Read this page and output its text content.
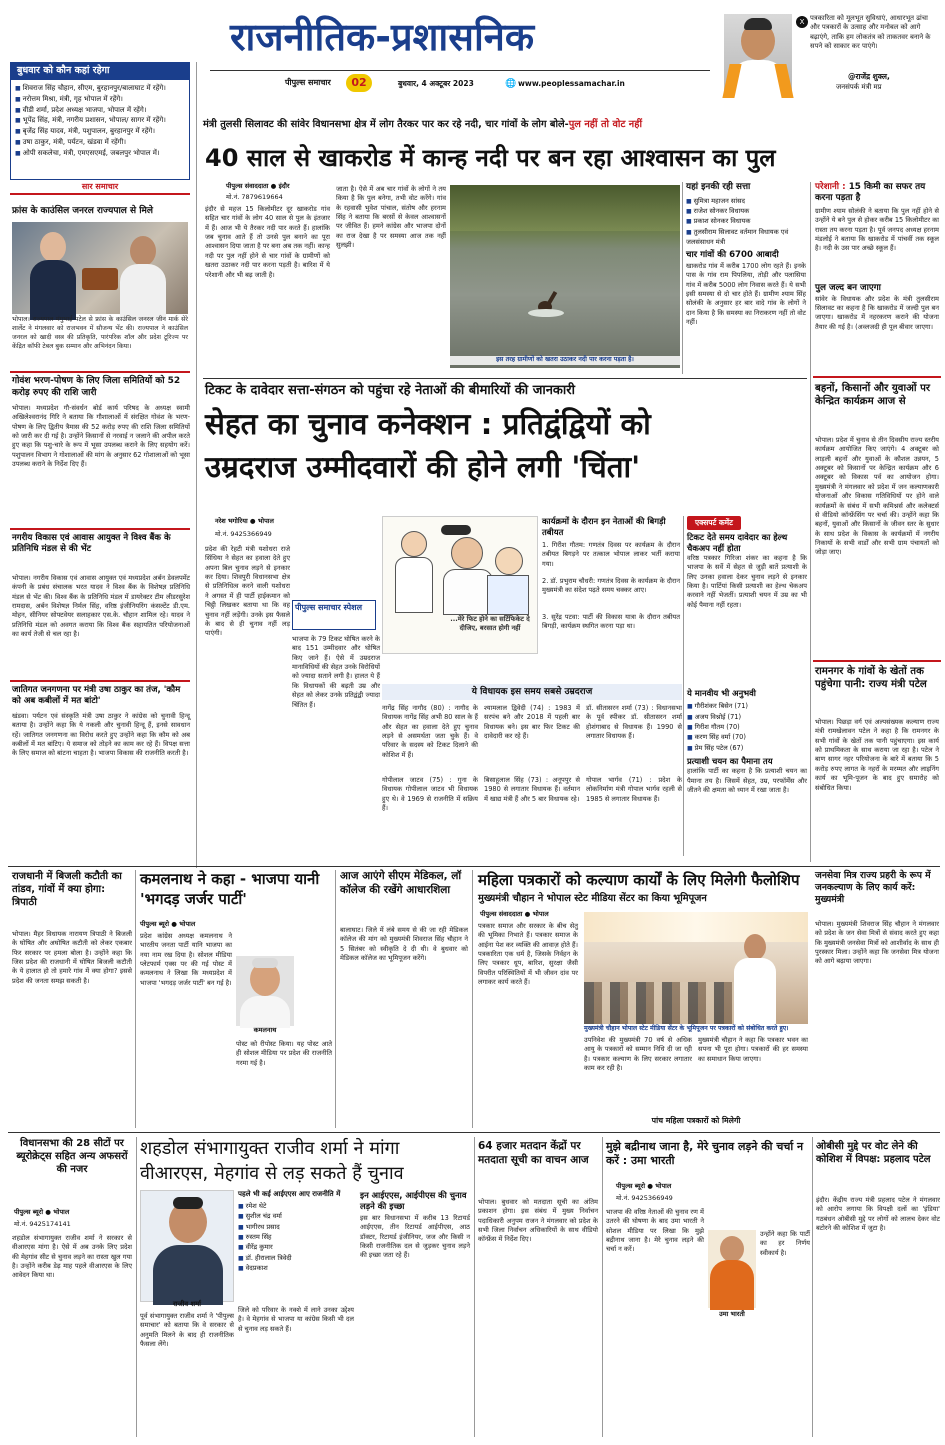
राजनीतिक-प्रशासनिक
पीपुल्स समाचार	02	बुधवार, 4 अक्टूबर 2023	🌐 www.peoplessamachar.in
X पत्रकारिता को मूलभूत सुविधाएं, आधारभूत ढांचा और पत्रकारों के उत्साह और मनोबल को आगे बढ़ाएंगे, ताकि हम लोकतंत्र को ताकतवर बनाने के सपने को साकार कर पाएंगे।
@राजेंद्र शुक्ल,
जनसंपर्क मंत्री मप्र
बुधवार को कौन कहां रहेगा
■ शिवराज सिंह चौहान, सीएम, बुरहानपुर/बालाघाट में रहेंगे।
■ नरोत्तम मिश्रा, मंत्री, गृह भोपाल में रहेंगे।
■ वीडी शर्मा, प्रदेश अध्यक्ष भाजपा, भोपाल में रहेंगे।
■ भूपेंद्र सिंह, मंत्री, नगरीय प्रशासन, भोपाल/ सागर में रहेंगे।
■ बृजेंद्र सिंह यादव, मंत्री, पशुपालन, बुरहानपुर में रहेंगे।
■ उषा ठाकुर, मंत्री, पर्यटन, खंडवा में रहेंगी।
■ ओपी सकलेचा, मंत्री, एमएसएमई, जबलपुर भोपाल में।
सार समाचार
फ्रांस के काउंसिल जनरल राज्यपाल से मिले
भोपाल। राज्यपाल मंगुभाई पटेल से फ्रांस के काउंसिल जनरल जीन मार्क सेरे शार्लेट ने मंगलवार को राजभवन में सौजन्य भेंट की। राज्यपाल ने काउंसिल जनरल को खादी वस्त्र की प्रतिकृति, पारंपरिक शॉल और प्रदेश टूरिज्म पर केंद्रित कॉफी टेबल बुक सम्मान और अभिनंदन किया।
गोवंश भरण-पोषण के लिए जिला समितियों को 52 करोड़ रुपए की राशि जारी
भोपाल। मध्यप्रदेश गौ-संवर्धन बोर्ड कार्य परिषद के अध्यक्ष स्वामी अखिलेश्वरानंद गिरि ने बताया कि गौशालाओं में संरक्षित गोवंश के भरण-पोषण के लिए द्वितीय त्रैमास की 52 करोड़ रुपए की राशि जिला समितियों को जारी कर दी गई है। उन्होंने किसानों से नरवाई न जलाने की अपील करते हुए कहा कि पशु-चारे के रूप में भूसा उपलब्ध कराने के लिए सहयोग करें। पशुपालन विभाग ने गोशालाओं की मांग के अनुसार 62 गोशालाओं को भूसा उपलब्ध कराने के निर्देश दिए हैं।
नगरीय विकास एवं आवास आयुक्त ने विश्व बैंक के प्रतिनिधि मंडल से की भेंट
भोपाल। नगरीय विकास एवं आवास आयुक्त एवं मध्यप्रदेश अर्बन डेवलपमेंट कंपनी के प्रबंध संचालक भरत यादव ने विश्व बैंक के विशेषज्ञ प्रतिनिधि मंडल से भेंट की। विश्व बैंक के प्रतिनिधि मंडल में डायरेक्टर टीम लीडरसुरेश रामदास, अर्बन विशेषज्ञ निर्मल सिंह, वरिष्ठ इंजीनियरिंग कंसल्टेंट डी.एम. मोहन, सीनियर सोफ्टवेयर सलाहकार एस.के. चौहान शामिल रहे। यादव ने प्रतिनिधि मंडल को अवगत कराया कि विश्व बैंक सहायतित परियोजनाओं का कार्य तेजी से चल रहा है।
जातिगत जनगणना पर मंत्री उषा ठाकुर का तंज, 'कौम को अब कबीलों में मत बांटो'
खंडवा। पर्यटन एवं संस्कृति मंत्री उषा ठाकुर ने कांग्रेस को चुनावी हिन्दू बताया है। उन्होंने कहा कि ये नकली और चुनावी हिन्दू हैं, इनसे सावधान रहें। जातिगत जनगणना का विरोध करते हुए उन्होंने कहा कि कौम को अब कबीलों में मत बांटिए। ये समाज को तोड़ने का काम कर रहे हैं। विपक्ष सत्ता के लिए समाज को बांटना चाहता है। भाजपा विकास की राजनीति करती है।
मंत्री तुलसी सिलावट की सांवेर विधानसभा क्षेत्र में लोग तैरकर पार कर रहे नदी, चार गांवों के लोग बोले-पुल नहीं तो वोट नहीं
40 साल से खाकरोड में कान्ह नदी पर बन रहा आश्वासन का पुल
पीपुल्स संवाददाता ● इंदौर
मो.नं. 7879619664
इंदौर से महज 15 किलोमीटर दूर खाकरोड गांव सहित चार गांवों के लोग 40 साल से पुल के इंतजार में हैं। आज भी ये तैरकर नदी पार करते हैं। हालांकि जब चुनाव आते हैं तो उनसे पुल बनाने का पूरा आश्वासन दिया जाता है पर बना अब तक नहीं। कान्ह नदी पर पुल नहीं होने से चार गांवों के ग्रामीणों को खतरा उठाकर नदी पार करना पड़ती है। बारिश में ये परेशानी और भी बढ़ जाती है।
जाता है। ऐसे में अब चार गांवों के लोगों ने तय किया है कि पुल बनेगा, तभी वोट करेंगे। गांव के रहवासी भुवेश पांचाल, संतोष और हरनाम सिंह ने बताया कि बरसों से केवल आश्वासनों पर जीवित हैं। हमने कांग्रेस और भाजपा दोनों का राज देखा है पर समस्या आज तक नहीं सुलझी।
इस तरह ग्रामीणों को खतरा उठाकर नदी पार करना पड़ता है।
यहां इनकी रही सत्ता
■ सुमित्रा महाजन सांसद
■ राजेश सोनकर विधायक
■ प्रकाश सोनकर विधायक
■ तुलसीराम सिलावट वर्तमान विधायक एवं जलसंसाधन मंत्री
चार गांवों की 6700 आबादी
खाकरोड गांव में करीब 1700 लोग रहते हैं। इनके पास के गांव राम पिपलिया, तोड़ी और पलासिया गांव में करीब 5000 लोग निवास करते हैं। ये सभी इसी समस्या से दो चार होते हैं। ग्रामीण श्याम सिंह सोलंकी के अनुसार हर बार वादे गांव के लोगों ने दान किया है कि समस्या का निराकरण नहीं तो वोट नहीं।
परेशानी : 15 किमी का सफर तय करना पड़ता है
ग्रामीण श्याम सोलंकी ने बताया कि पुल नहीं होने से उन्होंने ये बने पुल से होकर करीब 15 किलोमीटर का रास्ता तय करना पड़ता है। पूर्व जनपद अध्यक्ष हरनाम मंडलोई ने बताया कि खाकरोड में पांचवीं तक स्कूल है। नदी के उस पार अच्छे स्कूल हैं।
पुल जल्द बन जाएगा
सांवेर के विधायक और प्रदेश के मंत्री तुलसीराम सिलावट का कहना है कि खाकरोड में जल्दी पुल बन जाएगा। खाकरोड में नहरकरण कराने की योजना तैयार की गई है। (अव्लजदी ही पूल बीवार जाएगा।
बहनों, किसानों और युवाओं पर केन्द्रित कार्यक्रम आज से
भोपाल। प्रदेश में चुनाव से तीन दिवसीय राज्य स्तरीय कार्यक्रम आयोजित किए जाएंगे। 4 अक्टूबर को लाड़ली बहनों और युवाओं के कौशल उन्नयन, 5 अक्टूबर को किसानों पर केन्द्रित कार्यक्रम और 6 अक्टूबर को विकास पर्व का आयोजन होगा। मुख्यमंत्री ने मंगलवार को प्रदेश में जन कल्याणकारी योजनाओं और विकास गतिविधियों पर होने वाले कार्यक्रमों के संबंध में सभी कमिश्नर्स और कलेक्टर्स से वीडियो कॉन्फ्रेंसिंग पर चर्चा की। उन्होंने कहा कि बहनों, युवाओं और किसानों के जीवन स्तर के सुधार के साथ प्रदेश के विकास के कार्यक्रमों में नगरीय निकायों के सभी वार्डों और सभी ग्राम पंचायतों को जोड़ा जाए।
रामनगर के गांवों के खेतों तक पहुंचेगा पानी: राज्य मंत्री पटेल
भोपाल। पिछड़ा वर्ग एवं अल्पसंख्यक कल्याण राज्य मंत्री रामखेलावन पटेल ने कहा है कि रामनगर के सभी गांवों के खेतों तक पानी पहुंचाएगा। इस कार्य को प्राथमिकता के साथ कराया जा रहा है। पटेल ने बाण सागर नहर परियोजना के बारे में बताया कि 5 करोड़ रुपए लागत के नहरों के मरम्मत और लाइनिंग कार्य का भूमि-पूजन के बाद हुए समारोह को संबोधित किया।
टिकट के दावेदार सत्ता-संगठन को पहुंचा रहे नेताओं की बीमारियों की जानकारी
सेहत का चुनाव कनेक्शन : प्रतिद्वंद्वियों को
उम्रदराज उम्मीदवारों की होने लगी 'चिंता'
नरेश भगोरिया ● भोपाल
मो.नं. 9425366949
प्रदेश की रेहटी मंत्री यशोधरा राजे सिंधिया ने सेहत का हवाला देते हुए अपना बिल चुनाव लड़ने से इनकार कर दिया। शिवपुरी विधानसभा क्षेत्र से प्रतिनिधित्व करने वाली यशोधरा ने अगस्त में ही पार्टी हाईकमान को चिट्ठी लिखकर बताया था कि वह चुनाव नहीं लड़ेंगी। उनके इस फैसले के बाद से ही चुनाव नहीं लड़ पाएंगी।
पीपुल्स समाचार स्पेशल
भाजपा के 79 टिकट घोषित करने के बाद 151 उम्मीदवार और घोषित किए जाने हैं। ऐसे में उम्रदराज मानाविधियों की सेहत उनके विरोधियों को ज्यादा सताने लगी है। हालत ये हैं कि विधायकों की बढ़ती उम्र और सेहत को लेकर उनके प्रतिद्वंद्वी ज्यादा चिंतित हैं।
...मेरे फिट होने का सर्टिफिकेट दे दीजिए, बरसात होगी नहीं
कार्यक्रमों के दौरान इन नेताओं की बिगड़ी तबीयत
1. गिरीश गौतम: गणतंत्र दिवस पर कार्यक्रम के दौरान तबीयत बिगड़ने पर तत्काल भोपाल लाकर भर्ती कराया गया।
2. डॉ. प्रभुराम चौधरी: गणतंत्र दिवस के कार्यक्रम के दौरान मुख्यमंत्री का संदेश पढ़ते समय चक्कर आए।
3. सुरेंद्र पटवा: पार्टी की विकास यात्रा के दौरान तबीयत बिगड़ी, कार्यक्रम स्थगित करना पड़ा था।
एक्सपर्ट कमेंट
टिकट देते समय दावेदार का हेल्थ चैकअप नहीं होता
वरिष्ठ पत्रकार गिरिजा शंकर का कहना है कि भाजपा के सर्वे में सेहत से जुड़ी बातें प्रत्याशी के लिए उनका हवाला देकर चुनाव लड़ने से इनकार किया है। पार्टियां किसी प्रत्याशी का हेल्थ चेकअप करवाने नहीं भेजतीं। प्रत्याशी चयन में उम्र का भी कोई पैमाना नहीं रहता।
ये विधायक इस समय सबसे उम्रदराज
नागेंद्र सिंह नागौद (80) : नागौद के विधायक नागेंद्र सिंह अभी 80 साल के हैं और सेहत का हवाला देते हुए चुनाव लड़ने से असमर्थता जता चुके हैं। वे परिवार के सदस्य को टिकट दिलाने की कोशिश में हैं।
गोपीलाल जाटव (75) : गुना के विधायक गोपीलाल जाटव भी विधायक हुए थे। वे 1969 से राजनीति में सक्रिय हैं।
श्यामलाल द्विवेदी (74) : 1983 में सरपंच बने और 2018 में पहली बार विधायक बने। इस बार फिर टिकट की दावेदारी कर रहे हैं।
बिसाहूलाल सिंह (73) : अनूपपुर से 1980 से लगातार विधायक हैं। वर्तमान में खाद्य मंत्री हैं और 5 बार विधायक रहे।
डॉ. सीतासरन शर्मा (73) : विधानसभा के पूर्व स्पीकर डॉ. सीतासरन शर्मा होशंगाबाद से विधायक हैं। 1990 से लगातार विधायक हैं।
गोपाल भार्गव (71) : प्रदेश के लोकनिर्माण मंत्री गोपाल भार्गव रहली से 1985 से लगातार विधायक हैं।
ये मानवीय भी अनुभवी
■ गौरीशंकर बिसेन (71)
■ अजय विश्नोई (71)
■ गिरीश गौतम (70)
■ करण सिंह वर्मा (70)
■ प्रेम सिंह पटेल (67)
प्रत्याशी चयन का पैमाना तय
हालांकि पार्टी का कहना है कि प्रत्याशी चयन का पैमाना तय है। जिसमें सेहत, उम्र, परफॉर्मेंस और जीतने की क्षमता को ध्यान में रखा जाता है।
राजधानी में बिजली कटौती का तांडव, गांवों में क्या होगा: त्रिपाठी
भोपाल। मैहर विधायक नारायण त्रिपाठी ने बिजली के घोषित और अघोषित कटौती को लेकर एकबार फिर सरकार पर हमला बोला है। उन्होंने कहा कि जिस प्रदेश की राजधानी में घोषित बिजली कटौती के ये हालात हो तो हमारे गांव में क्या होगा? इससे प्रदेश की जनता समझ सकती है।
कमलनाथ ने कहा - भाजपा यानी 'भगदड़ जर्जर पार्टी'
पीपुल्स ब्यूरो ● भोपाल
प्रदेश कांग्रेस अध्यक्ष कमलनाथ ने भारतीय जनता पार्टी यानि भाजपा का नया नाम रख दिया है। सोशल मीडिया प्लेटफार्म एक्स पर की गई पोस्ट में कमलनाथ ने लिखा कि मध्यप्रदेश में भाजपा 'भगदड़ जर्जर पार्टी' बन गई है।
कमलनाथ
पोस्ट को रीपोस्ट किया। यह पोस्ट आते ही सोशल मीडिया पर प्रदेश की राजनीति गरमा गई है।
आज आएंगे सीएम मेडिकल, लॉ कॉलेज की रखेंगे आधारशिला
बालाघाट। जिले में लंबे समय से की जा रही मेडिकल कॉलेज की मांग को मुख्यमंत्री शिवराज सिंह चौहान ने 5 सितंबर को स्वीकृति दे दी थी। वे बुधवार को मेडिकल कॉलेज का भूमिपूजन करेंगे।
महिला पत्रकारों को कल्याण कार्यों के लिए मिलेगी फैलोशिप
मुख्यमंत्री चौहान ने भोपाल स्टेट मीडिया सेंटर का किया भूमिपूजन
पीपुल्स संवाददाता ● भोपाल
पत्रकार समाज और सरकार के बीच सेतु की भूमिका निभाते हैं। पत्रकार समाज के आईना पेश कर व्यक्ति की आवाज़ होते हैं। पत्रकारिता एक धर्म है, जिसके निर्वहन के लिए पत्रकार धूप, बारिश, सुरक्षा जैसी विपरीत परिस्थितियों में भी जीवन दांव पर लगाकर कार्य करते हैं।
मुख्यमंत्री चौहान भोपाल स्टेट मीडिया सेंटर के भूमिपूजन पर पत्रकारों को संबोधित करते हुए।
उपनिवेश की मुख्यमंत्री 70 वर्ष से अधिक आयु के पत्रकारों को सम्मान निधि दी जा रही है। पत्रकार कल्याण के लिए सरकार लगातार काम कर रही है।
मुख्यमंत्री चौहान ने कहा कि पत्रकार भवन का सपना भी पूरा होगा। पत्रकारों की हर समस्या का समाधान किया जाएगा।
पांच महिला पत्रकारों को मिलेगी
जनसेवा मित्र राज्य प्रहरी के रूप में जनकल्याण के लिए कार्य करें: मुख्यमंत्री
भोपाल। मुख्यमंत्री शिवराज सिंह चौहान ने मंगलवार को प्रदेश के जन सेवा मित्रों से संवाद करते हुए कहा कि मुख्यमंत्री जनसेवा मित्रों को आशीर्वाद के साथ ही पुरस्कार मिला। उन्होंने कहा कि जनसेवा मित्र योजना को आगे बढ़ाया जाएगा।
विधानसभा की 28 सीटों पर ब्यूरोक्रेट्स सहित अन्य अफसरों की नजर
पीपुल्स ब्यूरो ● भोपाल
मो.नं. 9425174141
शहडोल संभागायुक्त राजीव शर्मा ने सरकार से वीआरएस मांगा है। ऐसे में अब उनके लिए प्रदेश की मेहगांव सीट से चुनाव लड़ने का रास्ता खुल गया है। उन्होंने करीब डेढ़ माह पहले वीआरएस के लिए आवेदन किया था।
शहडोल संभागायुक्त राजीव शर्मा ने मांगा
वीआरएस, मेहगांव से लड़ सकते हैं चुनाव
राजीव शर्मा
पूर्व संभागायुक्त राजीव शर्मा ने 'पीपुल्स समाचार' को बताया कि वे सरकार से अनुमति मिलने के बाद ही राजनीतिक फैसला लेंगे।
पहले भी कई आईएएस आए राजनीति में
■ रमेश थेटे
■ सुशील चंद्र वर्मा
■ भागीरथ प्रसाद
■ रुस्तम सिंह
■ वीरेंद्र कुमार
■ डॉ. हीरालाल त्रिवेदी
■ वेदप्रकाश
जिले को परिवार के नक्शे में लाने उनका उद्देश्य है। वे मेहगांव से भाजपा या कांग्रेस किसी भी दल से चुनाव लड़ सकते हैं।
इन आईएएस, आईपीएस की चुनाव लड़ने की इच्छा
इस बार विधानसभा में करीब 13 रिटायर्ड आईएएस, तीन रिटायर्ड आईपीएस, आठ डॉक्टर, रिटायर्ड इंजीनियर, जज और किसी न किसी राजनीतिक दल से जुड़कर चुनाव लड़ने की इच्छा जता रहे हैं।
64 हजार मतदान केंद्रों पर मतदाता सूची का वाचन आज
भोपाल। बुधवार को मतदाता सूची का अंतिम प्रकाशन होगा। इस संबंध में मुख्य निर्वाचन पदाधिकारी अनुपम राजन ने मंगलवार को प्रदेश के सभी जिला निर्वाचन अधिकारियों के साथ वीडियो कॉन्फ्रेंस में निर्देश दिए।
मुझे बद्रीनाथ जाना है, मेरे चुनाव लड़ने की चर्चा न करें : उमा भारती
पीपुल्स ब्यूरो ● भोपाल
मो.नं. 9425366949
भाजपा की वरिष्ठ नेताओं की चुनाव रण में उतरने की घोषणा के बाद उमा भारती ने सोशल मीडिया पर लिखा कि मुझे बद्रीनाथ जाना है। मेरे चुनाव लड़ने की चर्चा न करें।
उमा भारती
उन्होंने कहा कि पार्टी का हर निर्णय स्वीकार्य है।
ओबीसी मुद्दे पर वोट लेने की कोशिश में विपक्ष: प्रहलाद पटेल
इंदौर। केंद्रीय राज्य मंत्री प्रहलाद पटेल ने मंगलवार को आरोप लगाया कि विपक्षी दलों का 'इंडिया' गठबंधन ओबीसी मुद्दे पर लोगों को लालच देकर वोट बटोरने की कोशिश में जुटा है।
